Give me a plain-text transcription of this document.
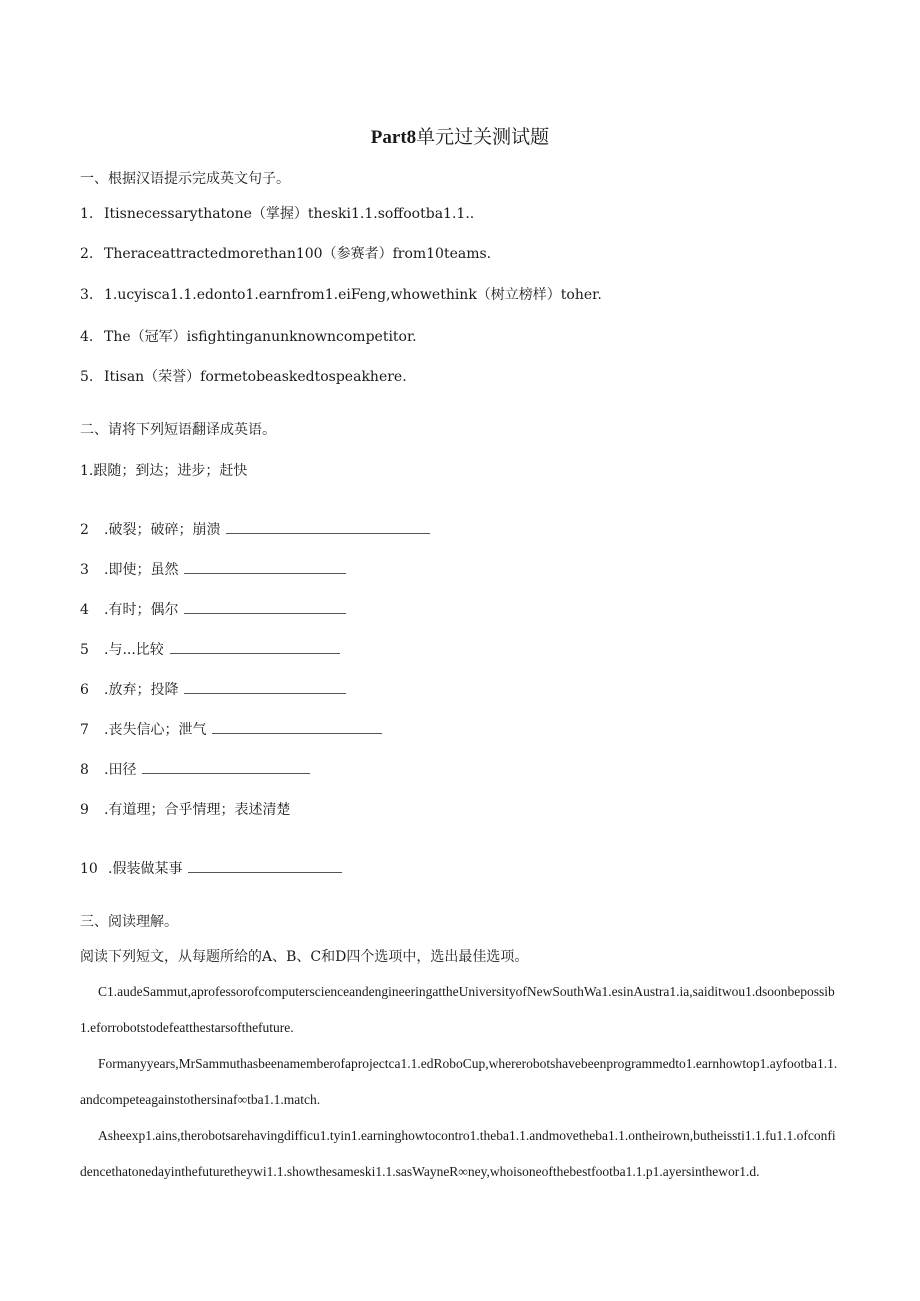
Part8单元过关测试题
一、根据汉语提示完成英文句子。
1. Itisnecessarythatone（掌握）theski1.1.soffootba1.1..
2. Theraceattractedmorethan100（参赛者）from10teams.
3. 1.ucyisca1.1.edonto1.earnfrom1.eiFeng,whowethink（树立榜样）toher.
4. The（冠军）isfightinganunknowncompetitor.
5. Itisan（荣誉）formetobeaskedtospeakhere.
二、请将下列短语翻译成英语。
1.跟随；到达；进步；赶快
2 .破裂；破碎；崩溃
3 .即使；虽然
4 .有时；偶尔
5 .与...比较
6 .放弃；投降
7 .丧失信心；泄气
8 .田径
9 .有道理；合乎情理；表述清楚
10 .假装做某事
三、阅读理解。
阅读下列短文，从每题所给的A、B、C和D四个选项中，选出最佳选项。
C1.audeSammut,aprofessorofcomputerscienceandengineeringattheUniversityofNewSouthWa1.esinAustra1.ia,saiditwou1.dsoonbepossib1.eforrobotstodefeatthestarsofthefuture.
Formanyyears,MrSammuthasbeenamemberofaprojectca1.1.edRoboCup,whererobotshavebeenprogrammedto1.earnhowtop1.ayfootba1.1.andcompeteagainstothersinaf∞tba1.1.match.
Asheexp1.ains,therobotsarehavingdifficu1.tyin1.earninghowtocontro1.theba1.1.andmovetheba1.1.ontheirown,butheissti1.1.fu1.1.ofconfidencethatonedayinthefuturetheywi1.1.showthesameski1.1.sasWayneR∞ney,whoisoneofthebestfootba1.1.p1.ayersinthewor1.d.
